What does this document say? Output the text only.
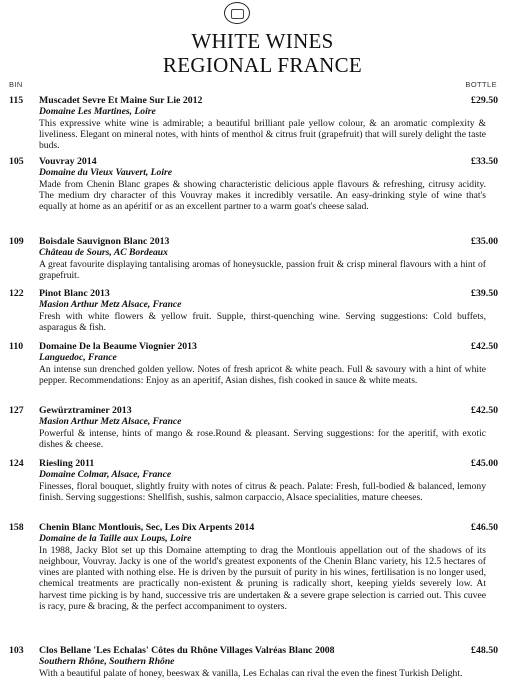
WHITE WINES
REGIONAL FRANCE
BIN	BOTTLE
115	£29.50
Muscadet Sevre Et Maine Sur Lie 2012
Domaine Les Martines, Loire
This expressive white wine is admirable; a beautiful brilliant pale yellow colour, & an aromatic complexity & liveliness. Elegant on mineral notes, with hints of menthol & citrus fruit (grapefruit) that will surely delight the taste buds.
105	£33.50
Vouvray 2014
Domaine du Vieux Vauvert, Loire
Made from Chenin Blanc grapes & showing characteristic delicious apple flavours & refreshing, citrusy acidity. The medium dry character of this Vouvray makes it incredibly versatile. An easy-drinking style of wine that's equally at home as an apéritif or as an excellent partner to a warm goat's cheese salad.
109	£35.00
Boisdale Sauvignon Blanc 2013
Château de Sours, AC Bordeaux
A great favourite displaying tantalising aromas of honeysuckle, passion fruit & crisp mineral flavours with a hint of grapefruit.
122	£39.50
Pinot Blanc 2013
Masion Arthur Metz Alsace, France
Fresh with white flowers & yellow fruit. Supple, thirst-quenching wine. Serving suggestions: Cold buffets, asparagus & fish.
110	£42.50
Domaine De la Beaume Viognier 2013
Languedoc, France
An intense sun drenched golden yellow. Notes of fresh apricot & white peach. Full & savoury with a hint of white pepper. Recommendations: Enjoy as an aperitif, Asian dishes, fish cooked in sauce & white meats.
127	£42.50
Gewürztraminer 2013
Masion Arthur Metz Alsace, France
Powerful & intense, hints of mango & rose.Round & pleasant. Serving suggestions: for the aperitif, with exotic dishes & cheese.
124	£45.00
Riesling 2011
Domaine Colmar, Alsace, France
Finesses, floral bouquet, slightly fruity with notes of citrus & peach. Palate: Fresh, full-bodied & balanced, lemony finish. Serving suggestions: Shellfish, sushis, salmon carpaccio, Alsace specialities, mature cheeses.
158	£46.50
Chenin Blanc Montlouis, Sec, Les Dix Arpents 2014
Domaine de la Taille aux Loups, Loire
In 1988, Jacky Blot set up this Domaine attempting to drag the Montlouis appellation out of the shadows of its neighbour, Vouvray. Jacky is one of the world's greatest exponents of the Chenin Blanc variety, his 12.5 hectares of vines are planted with nothing else. He is driven by the pursuit of purity in his wines, fertilisation is no longer used, chemical treatments are practically non-existent & pruning is radically short, keeping yields severely low. At harvest time picking is by hand, successive tris are undertaken & a severe grape selection is carried out. This cuvee is racy, pure & bracing, & the perfect accompaniment to oysters.
103	£48.50
Clos Bellane 'Les Echalas' Côtes du Rhône Villages Valréas Blanc 2008
Southern Rhône, Southern Rhône
With a beautiful palate of honey, beeswax & vanilla, Les Echalas can rival the even the finest Turkish Delight.
